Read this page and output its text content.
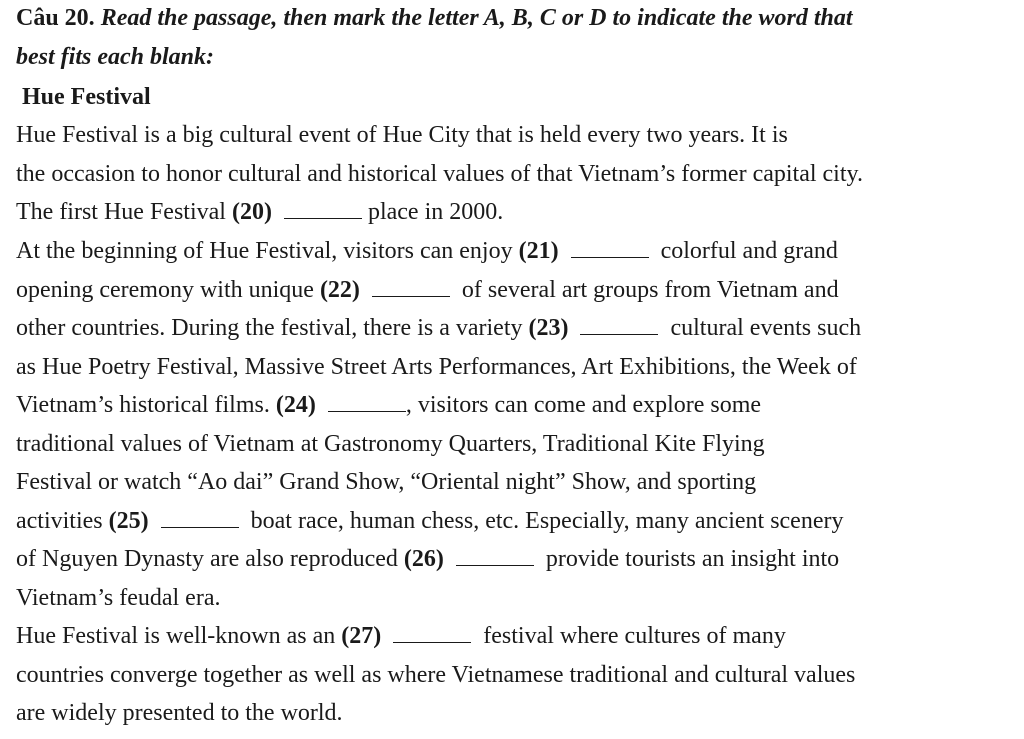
Câu 20. Read the passage, then mark the letter A, B, C or D to indicate the word that
best fits each blank:
Hue Festival
Hue Festival is a big cultural event of Hue City that is held every two years. It is
the occasion to honor cultural and historical values of that Vietnam’s former capital city.
The first Hue Festival (20)	place in 2000.
At the beginning of Hue Festival, visitors can enjoy (21)	colorful and grand
opening ceremony with unique (22)	of several art groups from Vietnam and
other countries. During the festival, there is a variety (23)	cultural events such
as Hue Poetry Festival, Massive Street Arts Performances, Art Exhibitions, the Week of
Vietnam’s historical films. (24)	, visitors can come and explore some
traditional values of Vietnam at Gastronomy Quarters, Traditional Kite Flying
Festival or watch “Ao dai” Grand Show, “Oriental night” Show, and sporting
activities (25)	boat race, human chess, etc. Especially, many ancient scenery
of Nguyen Dynasty are also reproduced (26)	provide tourists an insight into
Vietnam’s feudal era.
Hue Festival is well-known as an (27)	festival where cultures of many
countries converge together as well as where Vietnamese traditional and cultural values
are widely presented to the world.
